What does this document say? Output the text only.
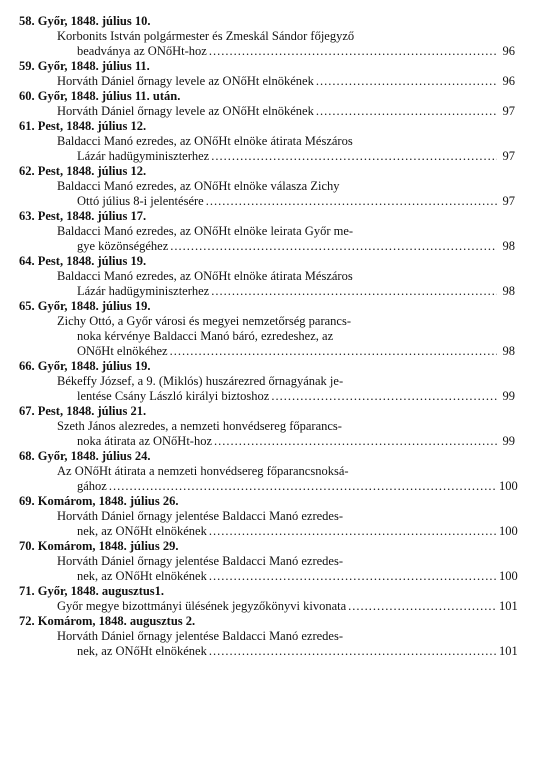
58. Győr, 1848. július 10.
Korbonits István polgármester és Zmeskál Sándor főjegyző
beadványa az ONőHt-hoz .....	96
59. Győr, 1848. július 11.
Horváth Dániel őrnagy levele az ONőHt elnökének .....	96
60. Győr, 1848. július 11. után.
Horváth Dániel őrnagy levele az ONőHt elnökének .....	97
61. Pest, 1848. július 12.
Baldacci Manó ezredes, az ONőHt elnöke átirata Mészáros
Lázár hadügyminiszterhez .....	97
62. Pest, 1848. július 12.
Baldacci Manó ezredes, az ONőHt elnöke válasza Zichy
Ottó július 8-i jelentésére .....	97
63. Pest, 1848. július 17.
Baldacci Manó ezredes, az ONőHt elnöke leirata Győr me-
gye közönségéhez .....	98
64. Pest, 1848. július 19.
Baldacci Manó ezredes, az ONőHt elnöke átirata Mészáros
Lázár hadügyminiszterhez .....	98
65. Győr, 1848. július 19.
Zichy Ottó, a Győr városi és megyei nemzetőrség parancs-
noka kérvénye Baldacci Manó báró, ezredeshez, az
ONőHt elnökéhez .....	98
66. Győr, 1848. július 19.
Békeffy József, a 9. (Miklós) huszárezred őrnagyának je-
lentése Csány László királyi biztoshoz .....	99
67. Pest, 1848. július 21.
Szeth János alezredes, a nemzeti honvédsereg főparancs-
noka átirata az ONőHt-hoz .....	99
68. Győr, 1848. július 24.
Az ONőHt átirata a nemzeti honvédsereg főparancsnoksá-
gához .....	100
69. Komárom, 1848. július 26.
Horváth Dániel őrnagy jelentése Baldacci Manó ezredes-
nek, az ONőHt elnökének .....	100
70. Komárom, 1848. július 29.
Horváth Dániel őrnagy jelentése Baldacci Manó ezredes-
nek, az ONőHt elnökének .....	100
71. Győr, 1848. augusztus1.
Győr megye bizottmányi ülésének jegyzőkönyvi kivonata .....	101
72. Komárom, 1848. augusztus 2.
Horváth Dániel őrnagy jelentése Baldacci Manó ezredes-
nek, az ONőHt elnökének .....	101
